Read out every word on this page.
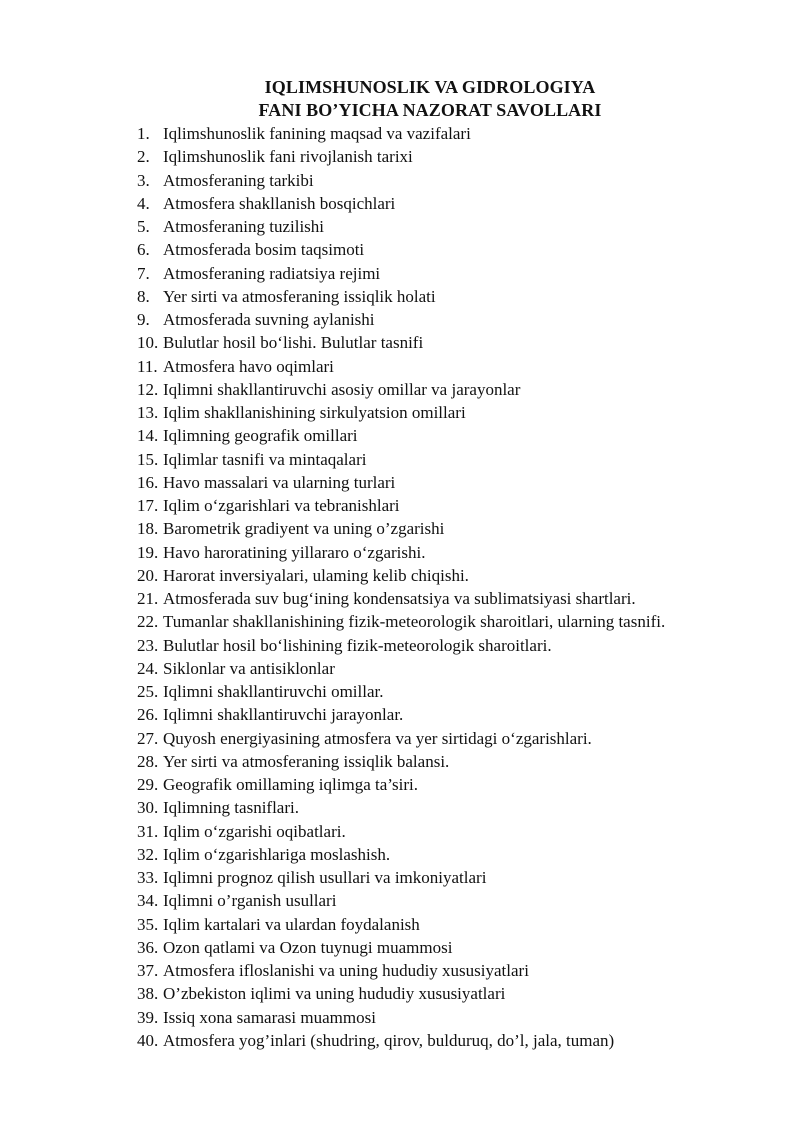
IQLIMSHUNOSLIK VA GIDROLOGIYA
FANI BO’YICHA NAZORAT SAVOLLARI
1. Iqlimshunoslik fanining maqsad va vazifalari
2. Iqlimshunoslik fani rivojlanish tarixi
3. Atmosferaning tarkibi
4. Atmosfera shakllanish bosqichlari
5. Atmosferaning tuzilishi
6. Atmosferada bosim taqsimoti
7. Atmosferaning radiatsiya rejimi
8. Yer sirti va atmosferaning issiqlik holati
9. Atmosferada suvning aylanishi
10. Bulutlar hosil bo‘lishi. Bulutlar tasnifi
11. Atmosfera havo oqimlari
12. Iqlimni shakllantiruvchi asosiy omillar va jarayonlar
13. Iqlim shakllanishining sirkulyatsion omillari
14. Iqlimning geografik omillari
15. Iqlimlar tasnifi va mintaqalari
16. Havo massalari va ularning turlari
17. Iqlim o‘zgarishlari va tebranishlari
18. Barometrik gradiyent va uning o’zgarishi
19. Havo haroratining yillararo o‘zgarishi.
20. Harorat inversiyalari, ulaming kelib chiqishi.
21. Atmosferada suv bug‘ining kondensatsiya va sublimatsiyasi shartlari.
22. Tumanlar shakllanishining fizik-meteorologik sharoitlari, ularning tasnifi.
23. Bulutlar hosil bo‘lishining fizik-meteorologik sharoitlari.
24. Siklonlar va antisiklonlar
25. Iqlimni shakllantiruvchi omillar.
26. Iqlimni shakllantiruvchi jarayonlar.
27. Quyosh energiyasining atmosfera va yer sirtidagi o‘zgarishlari.
28. Yer sirti va atmosferaning issiqlik balansi.
29. Geografik omillaming iqlimga ta’siri.
30. Iqlimning tasniflari.
31. Iqlim o‘zgarishi oqibatlari.
32. Iqlim o‘zgarishlariga moslashish.
33. Iqlimni prognoz qilish usullari va imkoniyatlari
34. Iqlimni o’rganish usullari
35. Iqlim kartalari va ulardan foydalanish
36. Ozon qatlami va Ozon tuynugi muammosi
37. Atmosfera ifloslanishi va uning hududiy xususiyatlari
38. O’zbekiston iqlimi va uning hududiy xususiyatlari
39. Issiq xona samarasi muammosi
40. Atmosfera yog’inlari (shudring, qirov, bulduruq, do’l, jala, tuman)
